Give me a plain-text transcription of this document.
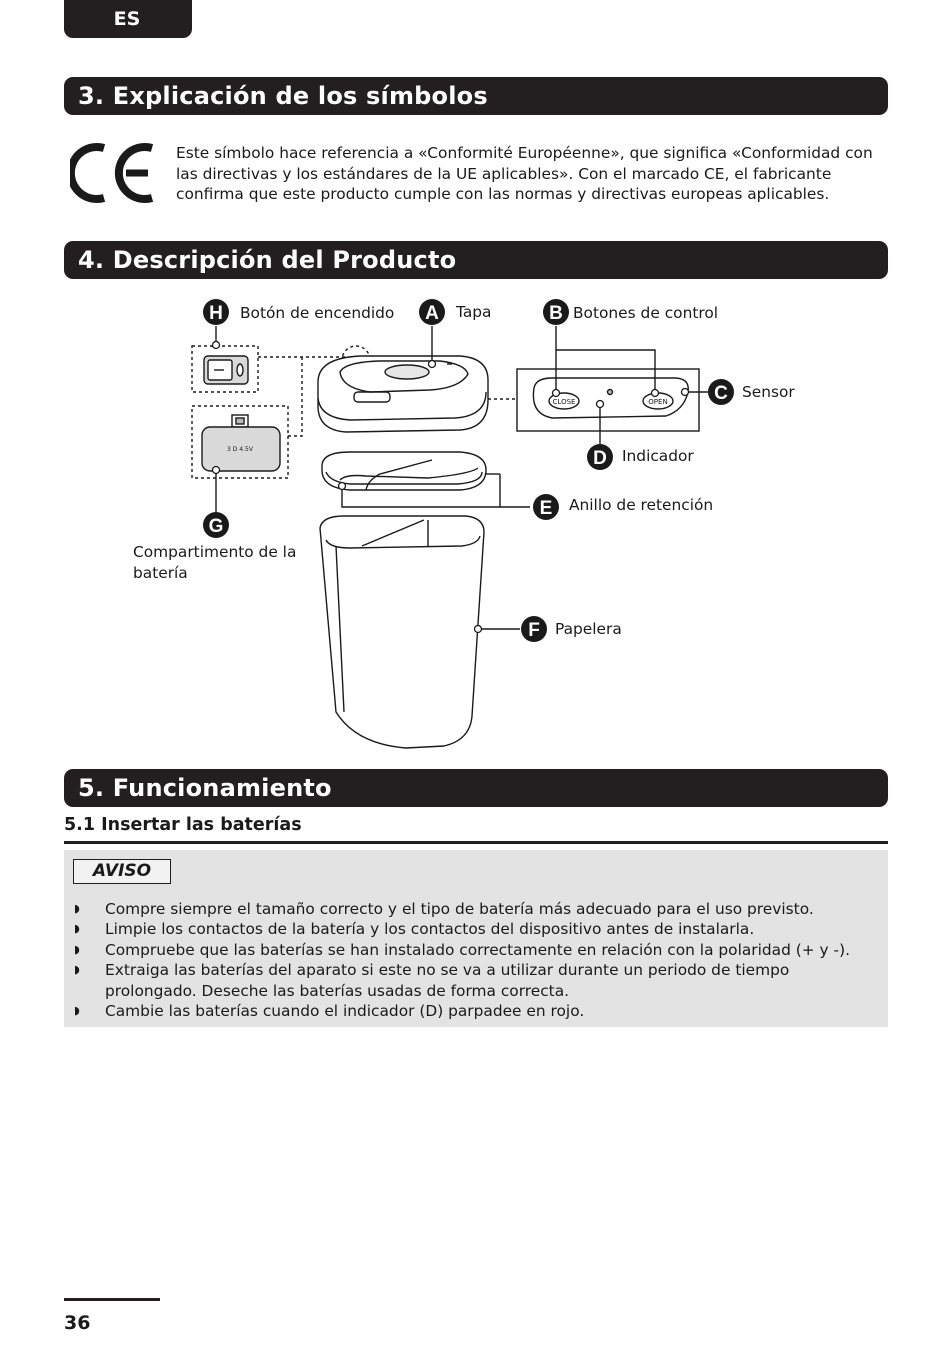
ES
3. Explicación de los símbolos
Este símbolo hace referencia a «Conformité Européenne», que significa «Conformidad con las directivas y los estándares de la UE aplicables». Con el marcado CE, el fabricante confirma que este producto cumple con las normas y directivas europeas aplicables.
4. Descripción del Producto
H	A	B
C
D
E
G
F
CLOSE	OPEN
3 D 4.5V
Botón de encendido	Tapa	Botones de control
Sensor
Indicador
Anillo de retención
Papelera
Compartimento de la
batería
5. Funcionamiento
5.1 Insertar las baterías
AVISO
◗ Compre siempre el tamaño correcto y el tipo de batería más adecuado para el uso previsto.
◗ Limpie los contactos de la batería y los contactos del dispositivo antes de instalarla.
◗ Compruebe que las baterías se han instalado correctamente en relación con la polaridad (+ y -).
◗ Extraiga las baterías del aparato si este no se va a utilizar durante un periodo de tiempo prolongado. Deseche las baterías usadas de forma correcta.
◗ Cambie las baterías cuando el indicador (D) parpadee en rojo.
36
